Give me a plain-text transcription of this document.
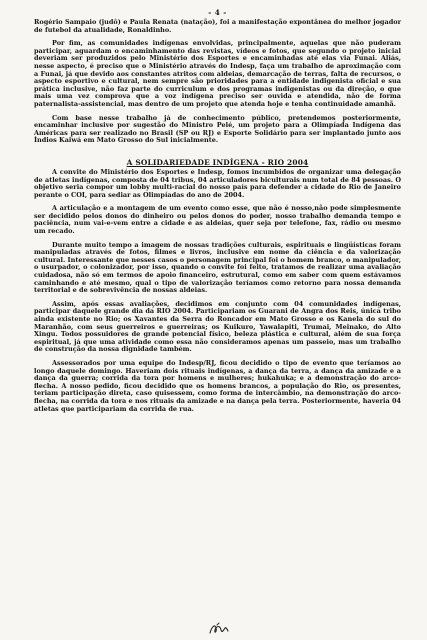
- 4 -

Rogério Sampaio (judô) e Paula Renata (natação), foi a manifestação expontânea do melhor jogador de futebol da atualidade, Ronaldinho.

Por fim, as comunidades indígenas envolvidas, principalmente, aquelas que não puderam participar, aguardam o encaminhamento das revistas, vídeos e fotos, que segundo o projeto inicial deveriam ser produzidos pelo Ministério dos Esportes e encaminhadas até elas via Funai. Aliás, nesse aspecto, é preciso que o Ministério através do Indesp, faça um trabalho de aproximação com a Funai, já que devido aos constantes atritos com aldeias, demarcação de terras, falta de recursos, o aspecto esportivo e cultural, nem sempre são prioridades para a entidade indigenista oficial e sua prática inclusive, não faz parte do curriculum e dos programas indigenistas ou da direção, o que mais uma vez comprova que a voz indígena preciso ser ouvida e atendida, não de forma paternalista-assistencial, mas dentro de um projeto que atenda hoje e tenha continuidade amanhã.

Com base nesse trabalho já de conhecimento público, pretendemos posteriormente, encaminhar inclusive por sugestão do Ministro Pelé, um projeto para a Olimpíada Indígena das Américas para ser realizado no Brasil (SP ou RJ) e Esporte Solidário para ser implantado junto aos Índios Kaiwá em Mato Grosso do Sul inicialmente.

A SOLIDARIEDADE INDÍGENA - RIO 2004

A convite do Ministério dos Esportes e Indesp, fomos incumbidos de organizar uma delegação de atletas indígenas, composta de 04 tribus, 04 articuladores biculturais num total de 84 pessoas. O objetivo seria compor um lobby multi-racial do nosso país para defender a cidade do Rio de Janeiro perante o COI, para sediar as Olimpíadas do ano de 2004.

A articulação e a montagem de um evento como esse, que não é nosso,não pode simplesmente ser decidido pelos donos do dinheiro ou pelos donos do poder, nosso trabalho demanda tempo e paciência, num vai-e-vem entre a cidade e as aldeias, quer seja por telefone, fax, rádio ou mesmo um recado.

Durante muito tempo a imagem de nossas tradições culturais, espirituais e lingüísticas foram manipuladas através de fotos, filmes e livros, inclusive em nome da ciência e da valorização cultural. Interessante que nesses casos o personagem principal foi o homem branco, o manipulador, o usurpador, o colonizador, por isso, quando o convite foi feito, tratamos de realizar uma avaliação cuidadosa, não só em termos de apoio financeiro, estrutural, como em saber com quem estávamos caminhando e até mesmo, qual o tipo de valorização teríamos como retorno para nossa demanda territorial e de sobrevivência de nossas aldeias.

Assim, após essas avaliações, decidimos em conjunto com 04 comunidades indígenas, participar daquele grande dia da RIO 2004. Participariam os Guarani de Angra dos Reis, única tribo ainda existente no Rio; os Xavantes da Serra do Roncador em Mato Grosso e os Kanela do sul do Maranhão, com seus guerreiros e guerreiras; os Kuikuro, Yawalapiti, Trumai, Meinako, do Alto Xingu. Todos possuidores de grande potencial físico, beleza plástica e cultural, além de sua força espiritual, já que uma atividade como essa não consideramos apenas um passeio, mas um trabalho de construção da nossa dignidade também.

Assessorados por uma equipe do Indesp/RJ, ficou decidido o tipo de evento que teríamos ao longo daquele domingo. Haveriam dois rituais indígenas, a dança da terra, a dança da amizade e a dança da guerra; corrida da tora por homens e mulheres; hukahuka; e a demonstração do arco-flecha. A nosso pedido, ficou decidido que os homens brancos, a população do Rio, os presentes, teriam participação direta, caso quisessem, como forma de intercâmbio, na demonstração do arco-flecha, na corrida da tora e nos rituais da amizade e na dança pela terra. Posteriormente, haveria 04 atletas que participariam da corrida de rua.
